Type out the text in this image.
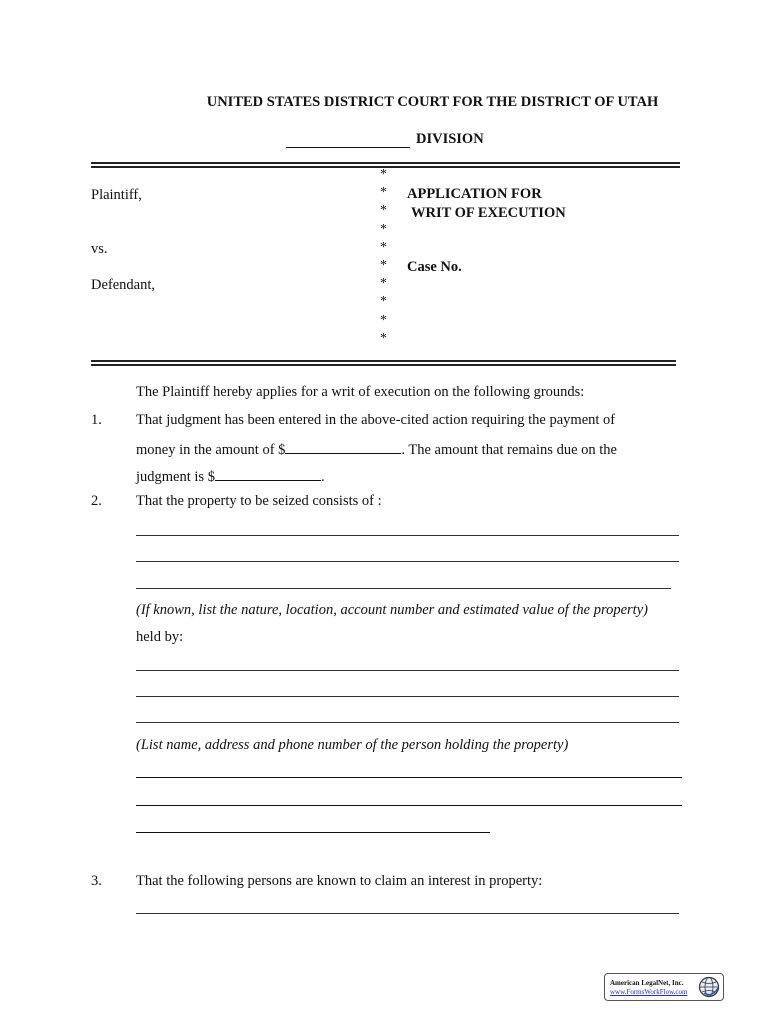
UNITED STATES DISTRICT COURT FOR THE DISTRICT OF UTAH
DIVISION
Plaintiff,
vs.
Defendant,
*
*
*
*
*
*
*
*
*
*
APPLICATION FOR
WRIT OF EXECUTION
Case No.
The Plaintiff hereby applies for a writ of execution on the following grounds:
1. That judgment has been entered in the above-cited action requiring the payment of
money in the amount of $	. The amount that remains due on the
judgment is $	.
2. That the property to be seized consists of :
(If known, list the nature, location, account number and estimated value of the property)
held by:
(List name, address and phone number of the person holding the property)
3. That the following persons are known to claim an interest in property:
American LegalNet, Inc.
www.FormsWorkFlow.com
